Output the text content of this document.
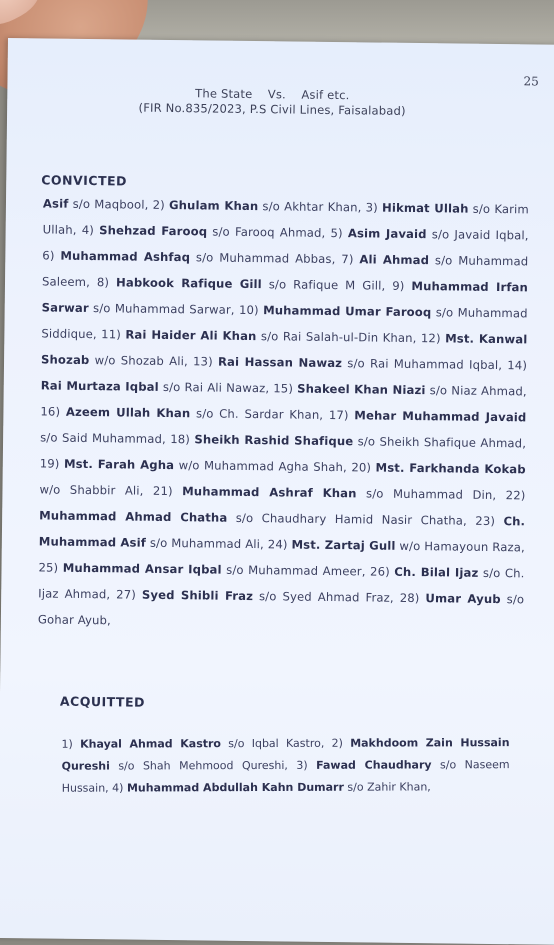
25
The State    Vs.    Asif etc.
(FIR No.835/2023, P.S Civil Lines, Faisalabad)
CONVICTED
Asif s/o Maqbool, 2) Ghulam Khan s/o Akhtar Khan, 3) Hikmat Ullah s/o Karim Ullah, 4) Shehzad Farooq s/o Farooq Ahmad, 5) Asim Javaid s/o Javaid Iqbal, 6) Muhammad Ashfaq s/o Muhammad Abbas, 7) Ali Ahmad s/o Muhammad Saleem, 8) Habkook Rafique Gill s/o Rafique M Gill, 9) Muhammad Irfan Sarwar s/o Muhammad Sarwar, 10) Muhammad Umar Farooq s/o Muhammad Siddique, 11) Rai Haider Ali Khan s/o Rai Salah-ul-Din Khan, 12) Mst. Kanwal Shozab w/o Shozab Ali, 13) Rai Hassan Nawaz s/o Rai Muhammad Iqbal, 14) Rai Murtaza Iqbal s/o Rai Ali Nawaz, 15) Shakeel Khan Niazi s/o Niaz Ahmad, 16) Azeem Ullah Khan s/o Ch. Sardar Khan, 17) Mehar Muhammad Javaid s/o Said Muhammad, 18) Sheikh Rashid Shafique s/o Sheikh Shafique Ahmad, 19) Mst. Farah Agha w/o Muhammad Agha Shah, 20) Mst. Farkhanda Kokab w/o Shabbir Ali, 21) Muhammad Ashraf Khan s/o Muhammad Din, 22) Muhammad Ahmad Chatha s/o Chaudhary Hamid Nasir Chatha, 23) Ch. Muhammad Asif s/o Muhammad Ali, 24) Mst. Zartaj Gull w/o Hamayoun Raza, 25) Muhammad Ansar Iqbal s/o Muhammad Ameer, 26) Ch. Bilal Ijaz s/o Ch. Ijaz Ahmad, 27) Syed Shibli Fraz s/o Syed Ahmad Fraz, 28) Umar Ayub s/o Gohar Ayub,
ACQUITTED
1) Khayal Ahmad Kastro s/o Iqbal Kastro, 2) Makhdoom Zain Hussain Qureshi s/o Shah Mehmood Qureshi, 3) Fawad Chaudhary s/o Naseem Hussain, 4) Muhammad Abdullah Kahn Dumarr s/o Zahir Khan,
